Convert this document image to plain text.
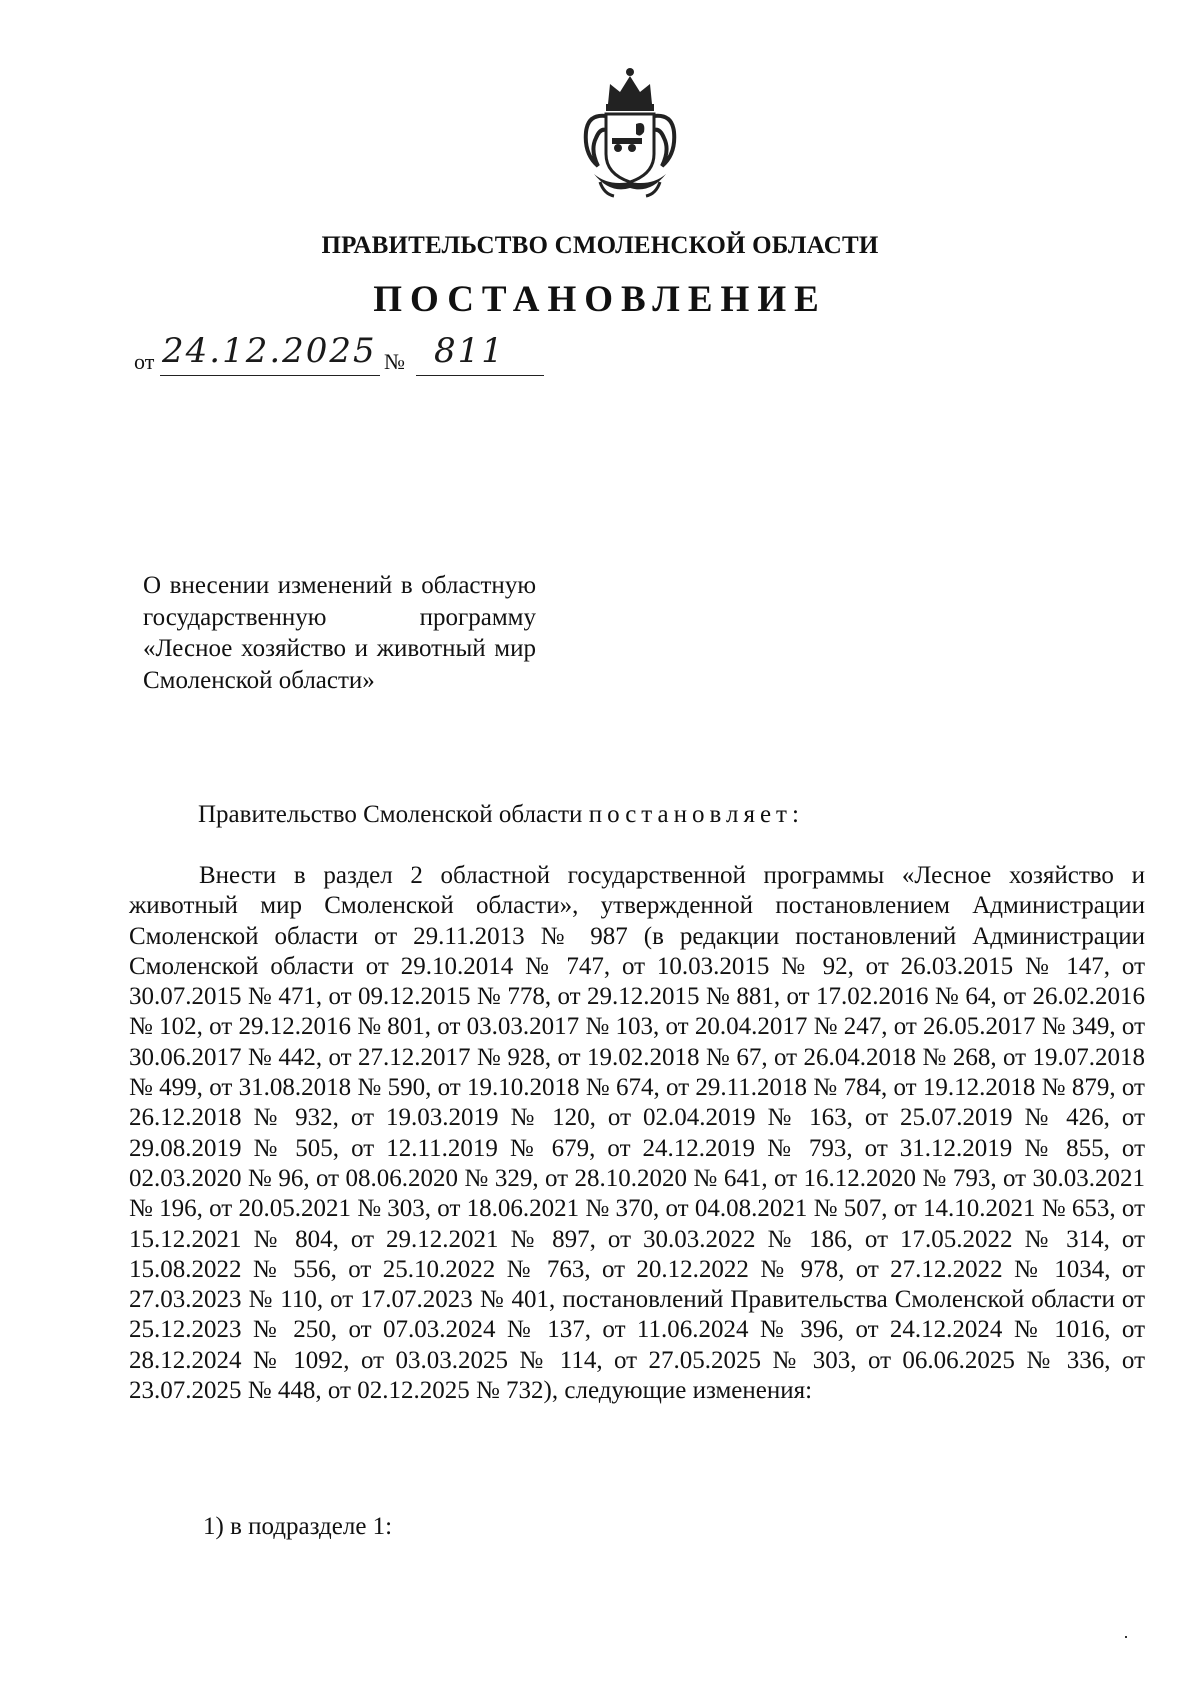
ПРАВИТЕЛЬСТВО СМОЛЕНСКОЙ ОБЛАСТИ
ПОСТАНОВЛЕНИЕ
от 24.12.2025 № 811
О внесении изменений в областную государственную программу «Лесное хозяйство и животный мир Смоленской области»
Правительство Смоленской области постановляет:
Внести в раздел 2 областной государственной программы «Лесное хозяйство и животный мир Смоленской области», утвержденной постановлением Администрации Смоленской области от 29.11.2013 № 987 (в редакции постановлений Администрации Смоленской области от 29.10.2014 № 747, от 10.03.2015 № 92, от 26.03.2015 № 147, от 30.07.2015 № 471, от 09.12.2015 № 778, от 29.12.2015 № 881, от 17.02.2016 № 64, от 26.02.2016 № 102, от 29.12.2016 № 801, от 03.03.2017 № 103, от 20.04.2017 № 247, от 26.05.2017 № 349, от 30.06.2017 № 442, от 27.12.2017 № 928, от 19.02.2018 № 67, от 26.04.2018 № 268, от 19.07.2018 № 499, от 31.08.2018 № 590, от 19.10.2018 № 674, от 29.11.2018 № 784, от 19.12.2018 № 879, от 26.12.2018 № 932, от 19.03.2019 № 120, от 02.04.2019 № 163, от 25.07.2019 № 426, от 29.08.2019 № 505, от 12.11.2019 № 679, от 24.12.2019 № 793, от 31.12.2019 № 855, от 02.03.2020 № 96, от 08.06.2020 № 329, от 28.10.2020 № 641, от 16.12.2020 № 793, от 30.03.2021 № 196, от 20.05.2021 № 303, от 18.06.2021 № 370, от 04.08.2021 № 507, от 14.10.2021 № 653, от 15.12.2021 № 804, от 29.12.2021 № 897, от 30.03.2022 № 186, от 17.05.2022 № 314, от 15.08.2022 № 556, от 25.10.2022 № 763, от 20.12.2022 № 978, от 27.12.2022 № 1034, от 27.03.2023 № 110, от 17.07.2023 № 401, постановлений Правительства Смоленской области от 25.12.2023 № 250, от 07.03.2024 № 137, от 11.06.2024 № 396, от 24.12.2024 № 1016, от 28.12.2024 № 1092, от 03.03.2025 № 114, от 27.05.2025 № 303, от 06.06.2025 № 336, от 23.07.2025 № 448, от 02.12.2025 № 732), следующие изменения:
1) в подразделе 1:
